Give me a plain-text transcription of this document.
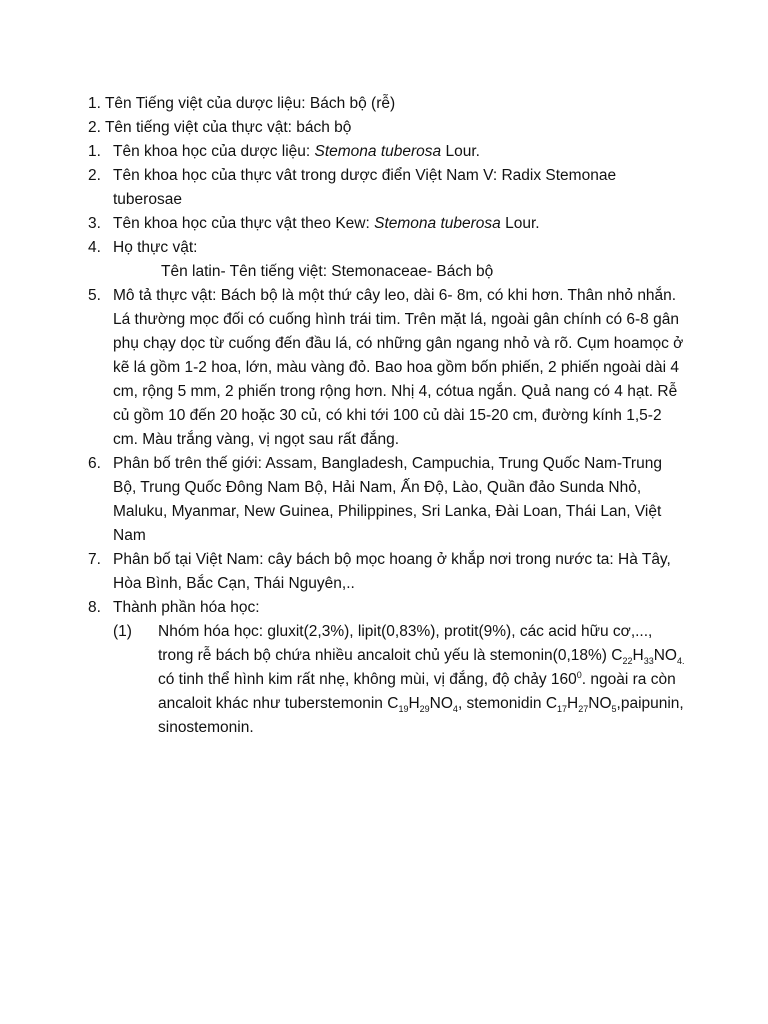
1. Tên Tiếng việt của dược liệu: Bách bộ (rễ)
2. Tên tiếng việt của thực vật: bách bộ
1. Tên khoa học của dược liệu: Stemona tuberosa Lour.

2. Tên khoa học của thực vât trong dược điển Việt Nam V: Radix Stemonae tuberosae

3. Tên khoa học của thực vật theo Kew: Stemona tuberosa Lour.

4. Họ thực vật:

Tên latin- Tên tiếng việt: Stemonaceae- Bách bộ
5. Mô tả thực vật: Bách bộ là một thứ cây leo, dài 6- 8m, có khi hơn. Thân nhỏ nhắn. Lá thường mọc đối có cuống hình trái tim. Trên mặt lá, ngoài gân chính có 6-8 gân phụ chạy dọc từ cuống đến đầu lá, có những gân ngang nhỏ và rõ. Cụm hoamọc ở kẽ lá gồm 1-2 hoa, lớn, màu vàng đỏ. Bao hoa gồm bốn phiến, 2 phiến ngoài dài 4 cm, rộng 5 mm, 2 phiến trong rộng hơn. Nhị 4, cótua ngắn. Quả nang có 4 hạt. Rễ củ gồm 10 đến 20 hoặc 30 củ, có khi tới 100 củ dài 15-20 cm, đường kính 1,5-2 cm. Màu trắng vàng, vị ngọt sau rất đắng.

6. Phân bố trên thế giới: Assam, Bangladesh, Campuchia, Trung Quốc Nam-Trung Bộ, Trung Quốc Đông Nam Bộ, Hải Nam, Ấn Độ, Lào, Quần đảo Sunda Nhỏ, Maluku, Myanmar, New Guinea, Philippines, Sri Lanka, Đài Loan, Thái Lan, Việt Nam

7. Phân bố tại Việt Nam: cây bách bộ mọc hoang ở khắp nơi trong nước ta: Hà Tây, Hòa Bình, Bắc Cạn, Thái Nguyên,..

8. Thành phần hóa học:

(1) Nhóm hóa học: gluxit(2,3%), lipit(0,83%), protit(9%), các acid hữu cơ,..., trong rễ bách bộ chứa nhiều ancaloit chủ yếu là stemonin(0,18%) $C_{22}H_{33}NO_{4.}$ có tinh thể hình kim rất nhẹ, không mùi, vị đắng, độ chảy $160^0$. ngoài ra còn ancaloit khác như tuberstemonin $C_{19}H_{29}NO_4$, stemonidin $C_{17}H_{27}NO_5,paipunin$, sinostemonin.
